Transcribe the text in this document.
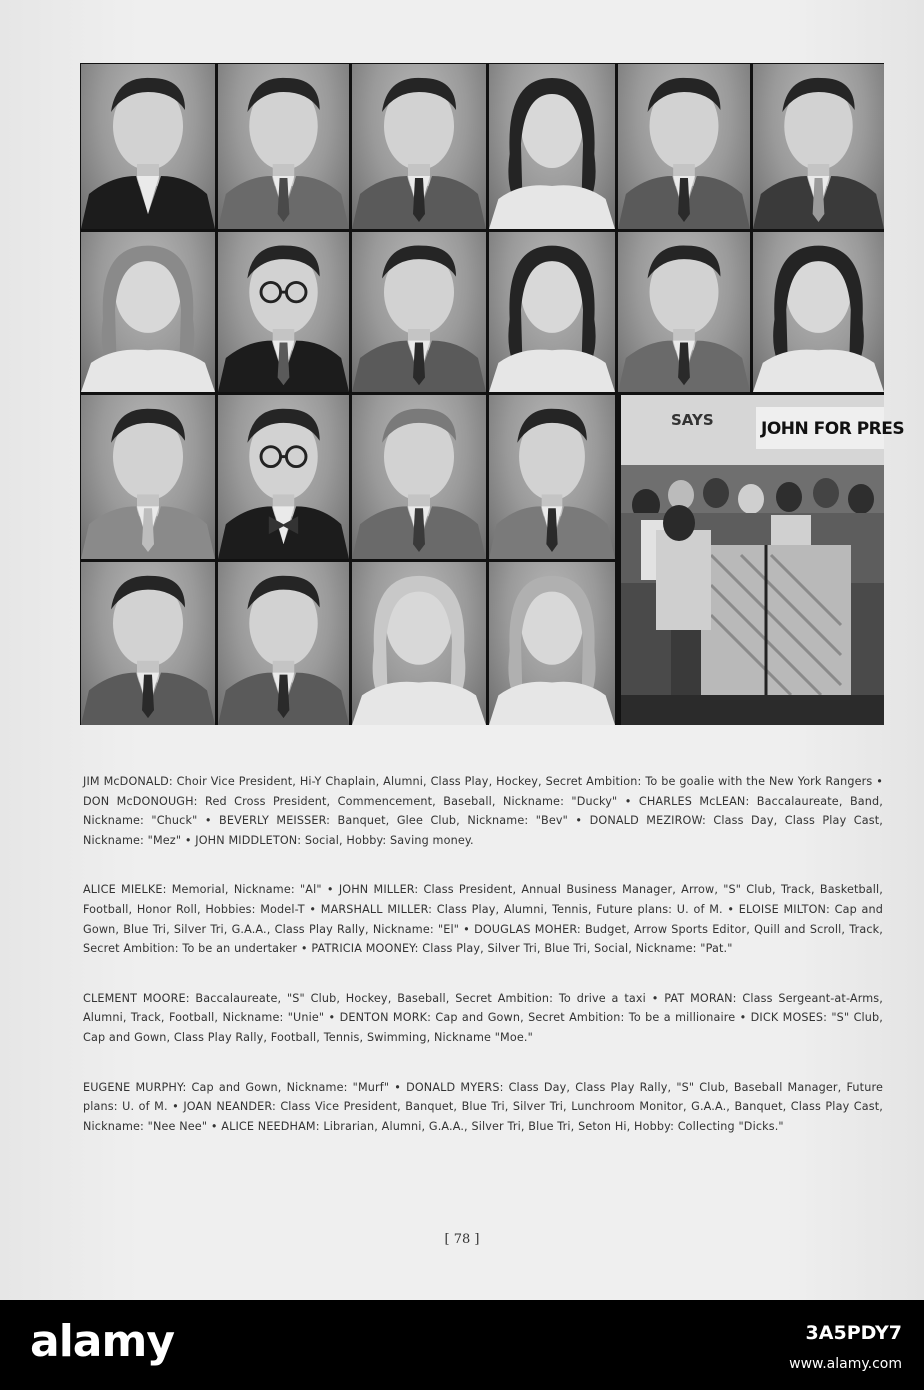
SAYS	JOHN FOR PRES

JIM McDONALD: Choir Vice President, Hi-Y Chaplain, Alumni, Class Play, Hockey, Secret Ambition: To be goalie with the New York Rangers • DON McDONOUGH: Red Cross President, Commencement, Baseball, Nickname: "Ducky" • CHARLES McLEAN: Baccalaureate, Band, Nickname: "Chuck" • BEVERLY MEISSER: Banquet, Glee Club, Nickname: "Bev" • DONALD MEZIROW: Class Day, Class Play Cast, Nickname: "Mez" • JOHN MIDDLETON: Social, Hobby: Saving money.

ALICE MIELKE: Memorial, Nickname: "Al" • JOHN MILLER: Class President, Annual Business Manager, Arrow, "S" Club, Track, Basketball, Football, Honor Roll, Hobbies: Model-T • MARSHALL MILLER: Class Play, Alumni, Tennis, Future plans: U. of M. • ELOISE MILTON: Cap and Gown, Blue Tri, Silver Tri, G.A.A., Class Play Rally, Nickname: "El" • DOUGLAS MOHER: Budget, Arrow Sports Editor, Quill and Scroll, Track, Secret Ambition: To be an undertaker • PATRICIA MOONEY: Class Play, Silver Tri, Blue Tri, Social, Nickname: "Pat."

CLEMENT MOORE: Baccalaureate, "S" Club, Hockey, Baseball, Secret Ambition: To drive a taxi • PAT MORAN: Class Sergeant-at-Arms, Alumni, Track, Football, Nickname: "Unie" • DENTON MORK: Cap and Gown, Secret Ambition: To be a millionaire • DICK MOSES: "S" Club, Cap and Gown, Class Play Rally, Football, Tennis, Swimming, Nickname "Moe."

EUGENE MURPHY: Cap and Gown, Nickname: "Murf" • DONALD MYERS: Class Day, Class Play Rally, "S" Club, Baseball Manager, Future plans: U. of M. • JOAN NEANDER: Class Vice President, Banquet, Blue Tri, Silver Tri, Lunchroom Monitor, G.A.A., Banquet, Class Play Cast, Nickname: "Nee Nee" • ALICE NEEDHAM: Librarian, Alumni, G.A.A., Silver Tri, Blue Tri, Seton Hi, Hobby: Collecting "Dicks."

[ 78 ]
alamy	3A5PDY7
www.alamy.com
